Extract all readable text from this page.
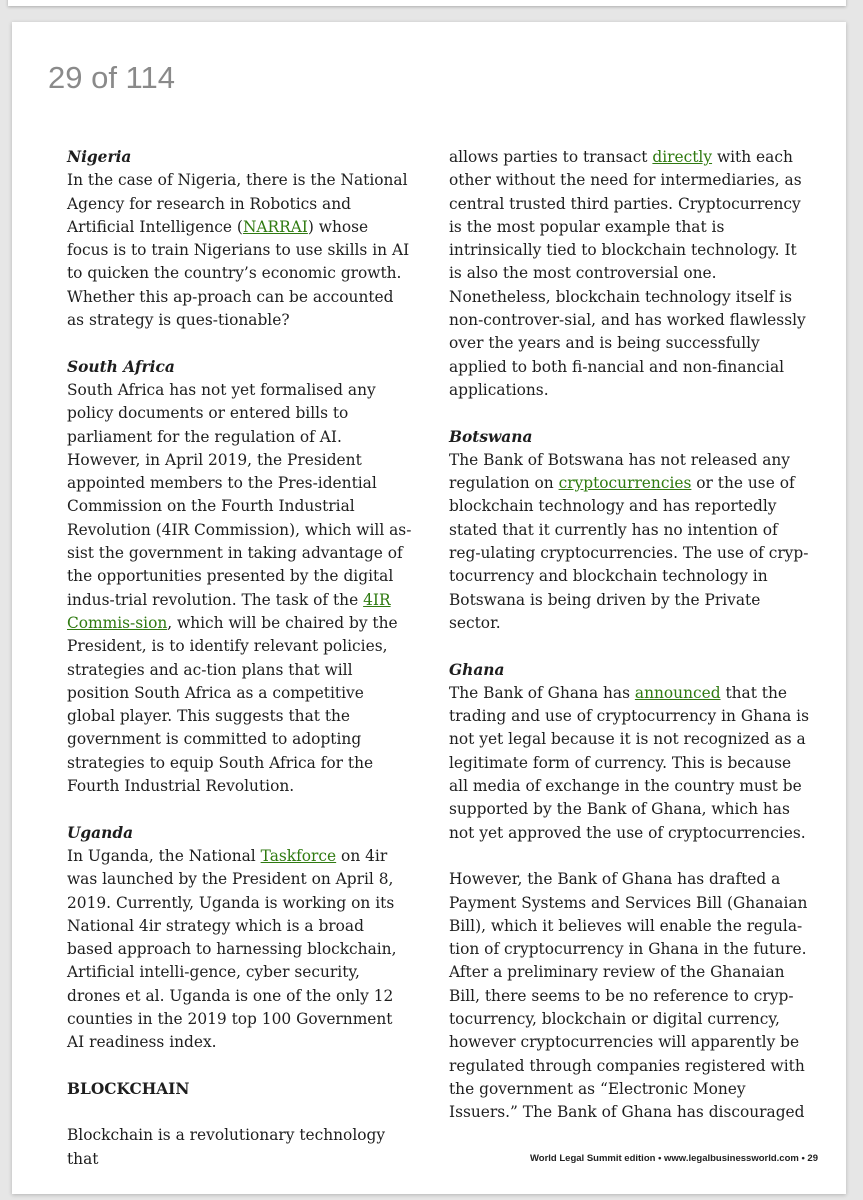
29 of 114
Nigeria

In the case of Nigeria, there is the National Agency for research in Robotics and Artificial Intelligence (NARRAI) whose focus is to train Nigerians to use skills in AI to quicken the country’s economic growth. Whether this ap-proach can be accounted as strategy is ques-tionable?

South Africa

South Africa has not yet formalised any policy documents or entered bills to parliament for the regulation of AI. However, in April 2019, the President appointed members to the Pres-idential Commission on the Fourth Industrial Revolution (4IR Commission), which will as-sist the government in taking advantage of the opportunities presented by the digital indus-trial revolution. The task of the 4IR Commis-sion, which will be chaired by the President, is to identify relevant policies, strategies and ac-tion plans that will position South Africa as a competitive global player. This suggests that the government is committed to adopting strategies to equip South Africa for the Fourth Industrial Revolution.

Uganda

In Uganda, the National Taskforce on 4ir was launched by the President on April 8, 2019. Currently, Uganda is working on its National 4ir strategy which is a broad based approach to harnessing blockchain, Artificial intelli-gence, cyber security, drones et al. Uganda is one of the only 12 counties in the 2019 top 100 Government AI readiness index.

BLOCKCHAIN

Blockchain is a revolutionary technology that

allows parties to transact directly with each other without the need for intermediaries, as central trusted third parties. Cryptocurrency is the most popular example that is intrinsically tied to blockchain technology. It is also the most controversial one. Nonetheless, blockchain technology itself is non-controver-sial, and has worked flawlessly over the years and is being successfully applied to both fi-nancial and non-financial applications.

Botswana

The Bank of Botswana has not released any regulation on cryptocurrencies or the use of blockchain technology and has reportedly stated that it currently has no intention of reg-ulating cryptocurrencies. The use of cryp-tocurrency and blockchain technology in Botswana is being driven by the Private sector.

Ghana

The Bank of Ghana has announced that the trading and use of cryptocurrency in Ghana is not yet legal because it is not recognized as a legitimate form of currency. This is because all media of exchange in the country must be supported by the Bank of Ghana, which has not yet approved the use of cryptocurrencies.

However, the Bank of Ghana has drafted a Payment Systems and Services Bill (Ghanaian Bill), which it believes will enable the regula-tion of cryptocurrency in Ghana in the future. After a preliminary review of the Ghanaian Bill, there seems to be no reference to cryp-tocurrency, blockchain or digital currency, however cryptocurrencies will apparently be regulated through companies registered with the government as “Electronic Money Issuers.” The Bank of Ghana has discouraged

World Legal Summit edition • www.legalbusinessworld.com • 29
